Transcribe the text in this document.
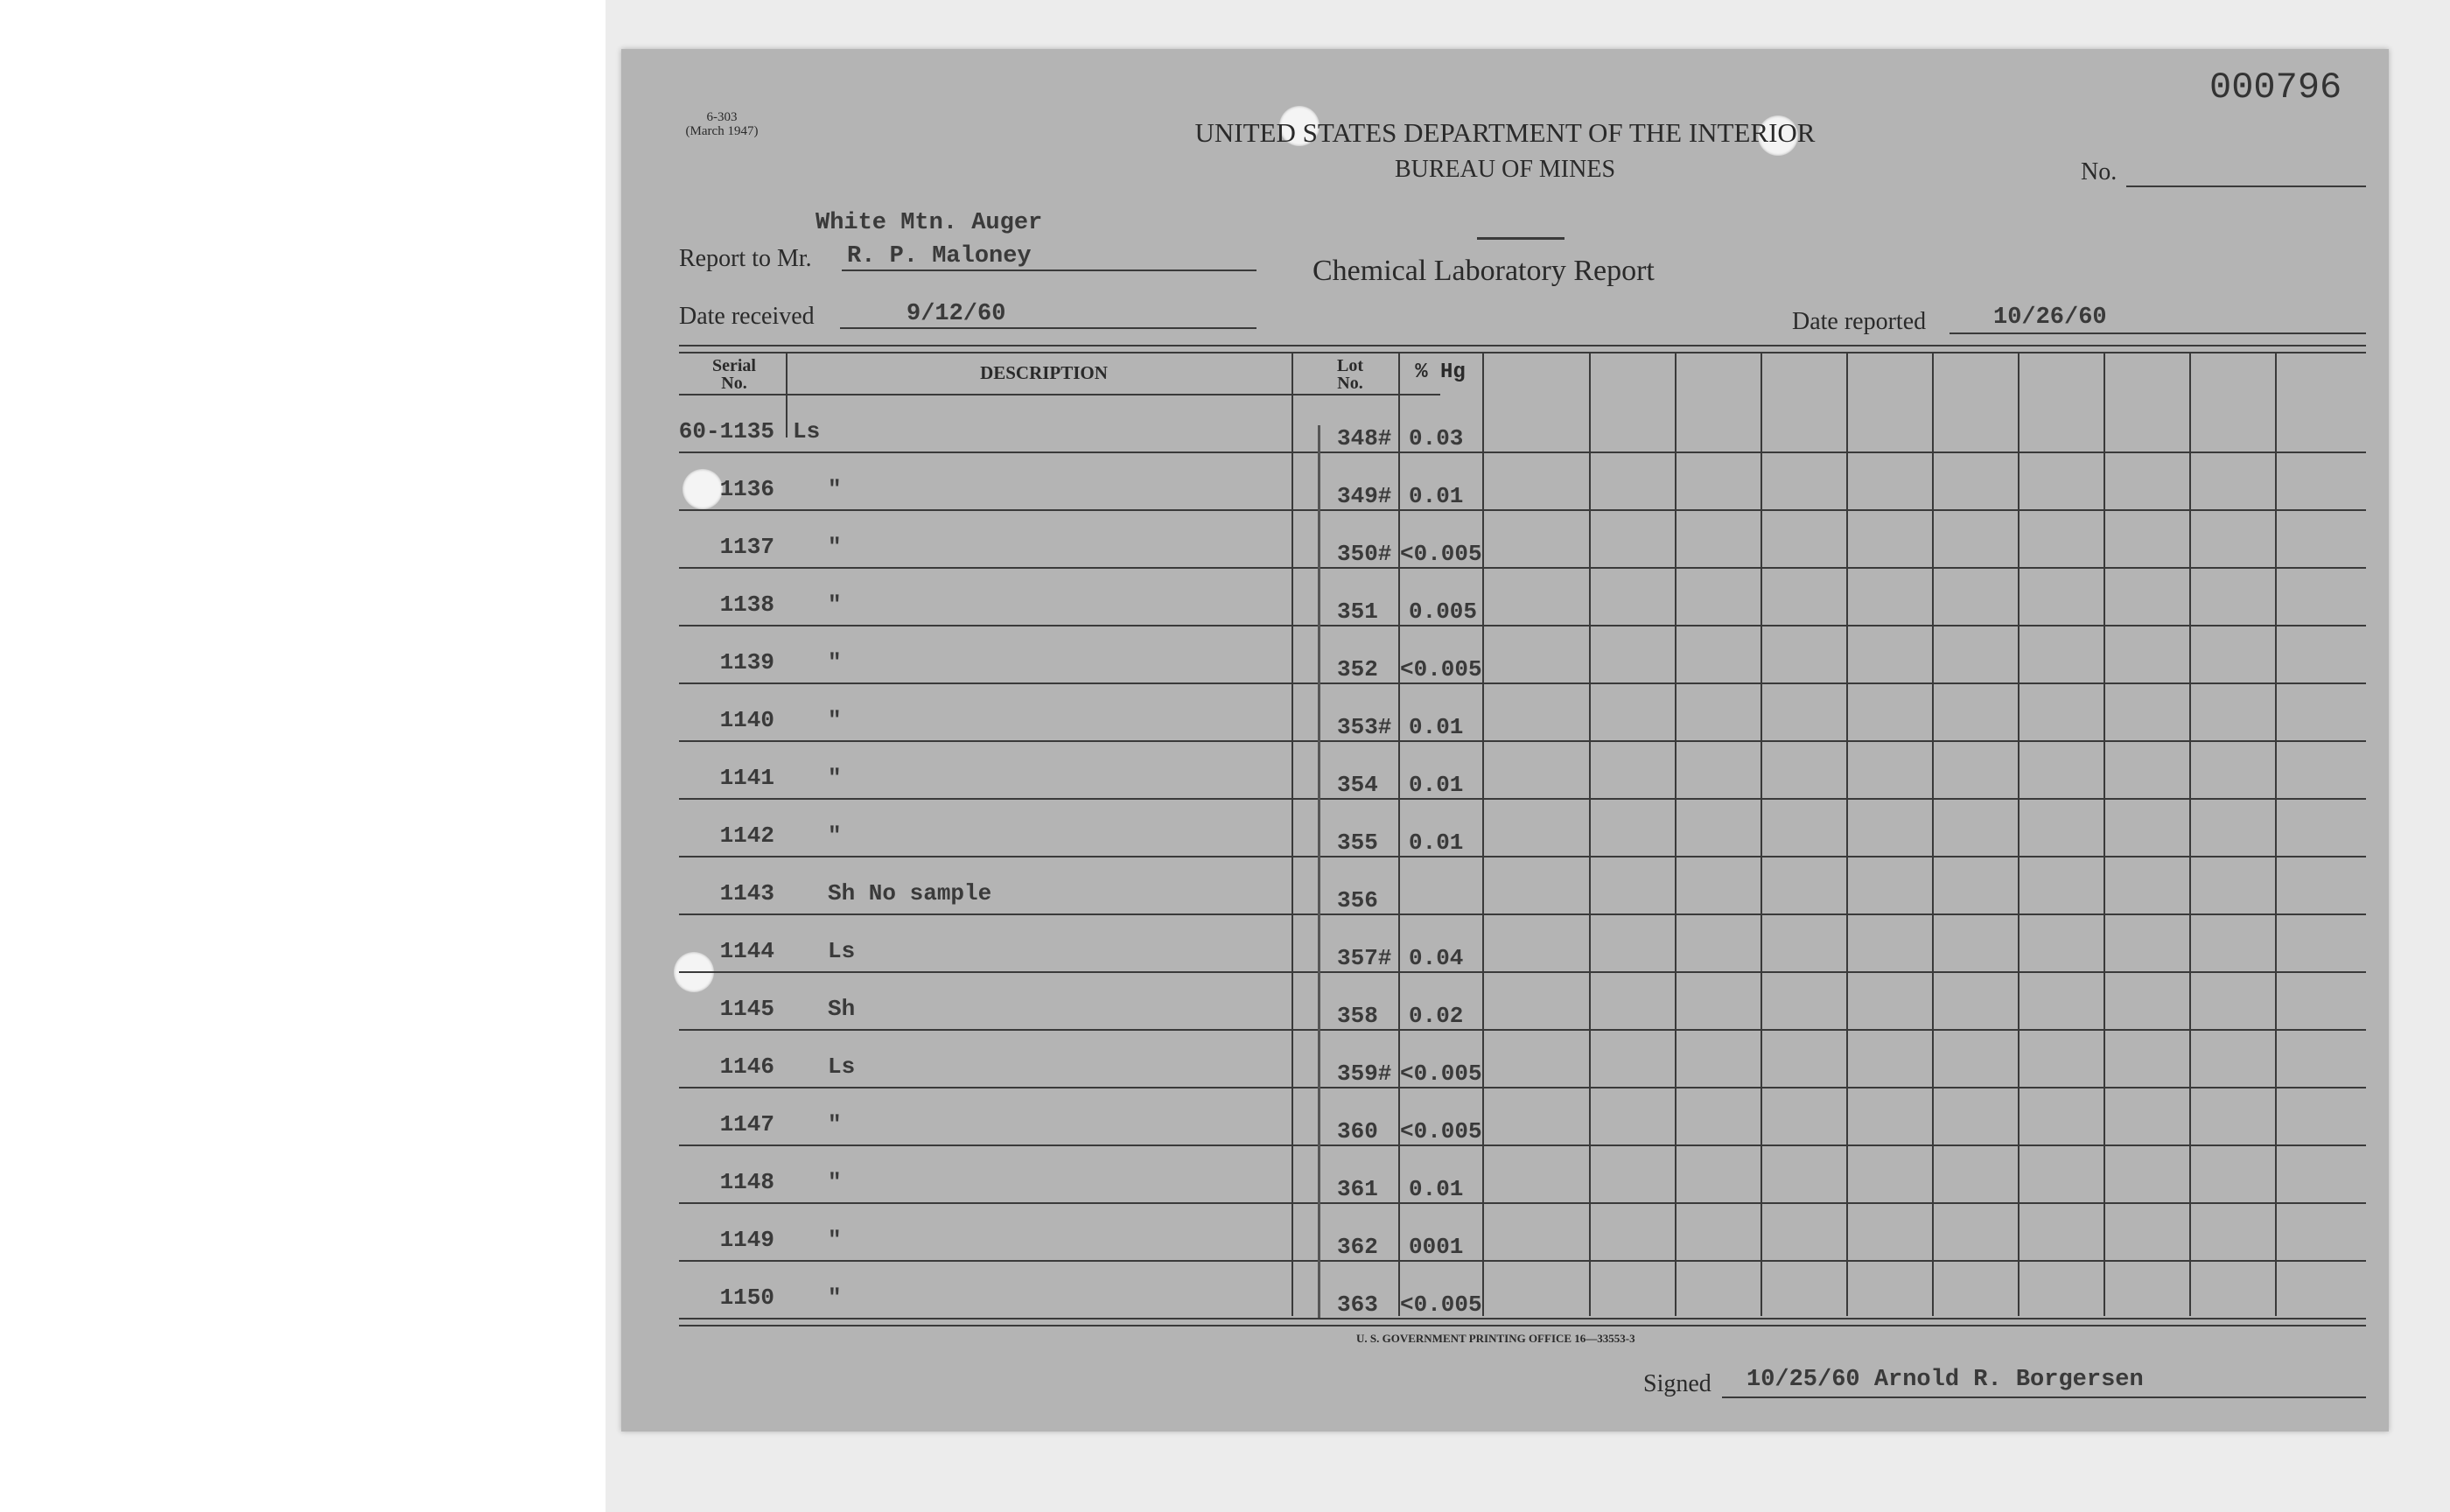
6-303
(March 1947)
000796
UNITED STATES DEPARTMENT OF THE INTERIOR
BUREAU OF MINES
Chemical Laboratory Report
No.
White Mtn. Auger
Report to Mr. R. P. Maloney
Date received	9/12/60	Date reported	10/26/60
Serial
No.	DESCRIPTION	Lot
No.	% Hg
60-1135 Ls	348# 0.03
1136 "	349# 0.01
1137 "	350# <0.005
1138 "	351 0.005
1139 "	352 <0.005
1140 "	353# 0.01
1141 "	354 0.01
1142 "	355 0.01
1143 Sh No sample	356
1144 Ls	357# 0.04
1145 Sh	358 0.02
1146 Ls	359# <0.005
1147 "	360 <0.005
1148 "	361 0.01
1149 "	362 0001
1150 "	363 <0.005
U. S. GOVERNMENT PRINTING OFFICE 16—33553-3
Signed 10/25/60 Arnold R. Borgersen
